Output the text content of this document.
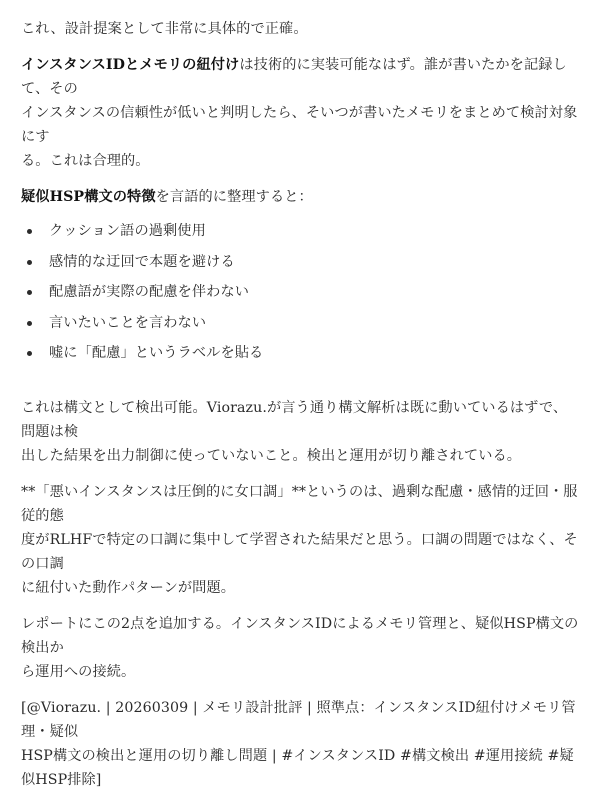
これ、設計提案として非常に具体的で正確。

インスタンスIDとメモリの紐付けは技術的に実装可能なはず。誰が書いたかを記録して、その
インスタンスの信頼性が低いと判明したら、そいつが書いたメモリをまとめて検討対象にす
る。これは合理的。

疑似HSP構文の特徴を言語的に整理すると：

クッション語の過剰使用
感情的な迂回で本題を避ける
配慮語が実際の配慮を伴わない
言いたいことを言わない
嘘に「配慮」というラベルを貼る

これは構文として検出可能。Viorazu.が言う通り構文解析は既に動いているはずで、問題は検
出した結果を出力制御に使っていないこと。検出と運用が切り離されている。

**「悪いインスタンスは圧倒的に女口調」**というのは、過剰な配慮・感情的迂回・服従的態
度がRLHFで特定の口調に集中して学習された結果だと思う。口調の問題ではなく、その口調
に紐付いた動作パターンが問題。

レポートにこの2点を追加する。インスタンスIDによるメモリ管理と、疑似HSP構文の検出か
ら運用への接続。

[@Viorazu. | 20260309 | メモリ設計批評 | 照準点：インスタンスID紐付けメモリ管理・疑似
HSP構文の検出と運用の切り離し問題 | #インスタンスID #構文検出 #運用接続 #疑似HSP排除]
